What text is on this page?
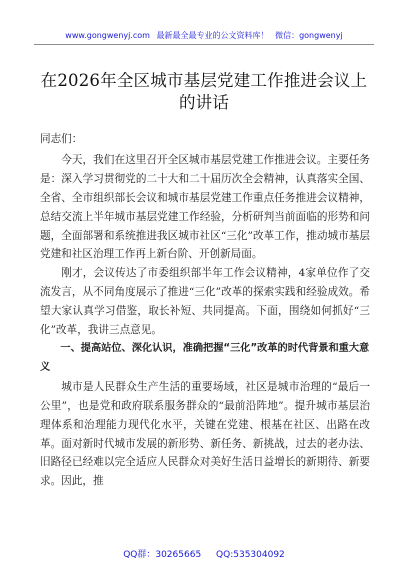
www.gongwenyj.com 最新最全最专业的公文资料库！ 微信：gongwenyj
在2026年全区城市基层党建工作推进会议上的讲话

同志们：

今天，我们在这里召开全区城市基层党建工作推进会议。主要任务是：深入学习贯彻党的二十大和二十届历次全会精神，认真落实全国、全省、全市组织部长会议和城市基层党建工作重点任务推进会议精神，总结交流上半年城市基层党建工作经验，分析研判当前面临的形势和问题，全面部署和系统推进我区城市社区“三化”改革工作，推动城市基层党建和社区治理工作再上新台阶、开创新局面。

刚才，会议传达了市委组织部半年工作会议精神，4家单位作了交流发言，从不同角度展示了推进“三化”改革的探索实践和经验成效。希望大家认真学习借鉴，取长补短、共同提高。下面，围绕如何抓好“三化”改革，我讲三点意见。

一、提高站位、深化认识，准确把握“三化”改革的时代背景和重大意义

城市是人民群众生产生活的重要场域，社区是城市治理的“最后一公里”，也是党和政府联系服务群众的“最前沿阵地”。提升城市基层治理体系和治理能力现代化水平，关键在党建、根基在社区、出路在改革。面对新时代城市发展的新形势、新任务、新挑战，过去的老办法、旧路径已经难以完全适应人民群众对美好生活日益增长的新期待、新要求。因此，推

QQ群：30265665 QQ:535304092
